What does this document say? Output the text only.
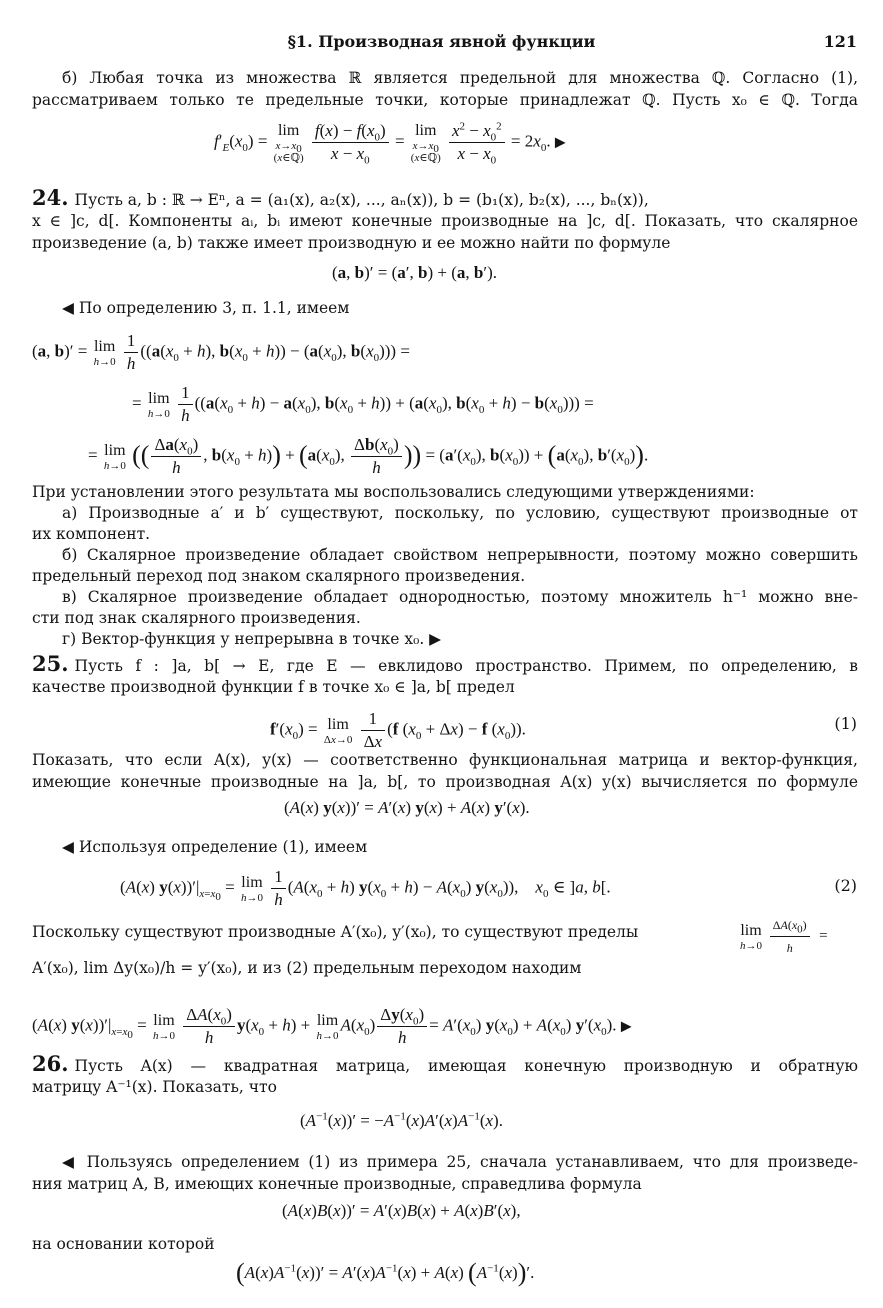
§1. Производная явной функции	121
б) Любая точка из множества ℝ является предельной для множества ℚ. Согласно (1),
рассматриваем только те предельные точки, которые принадлежат ℚ. Пусть x₀ ∈ ℚ. Тогда
$f'_E(x_0)$ =
lim
$x\to x_0$
(x∈ℚ)
$\frac{f(x) - f(x_0)}{x - x_0}$ =
lim
$x\to x_0$
(x∈ℚ)
$\frac{x^2 - x_0^2}{x - x_0} = 2x_0$. ▶
24. Пусть a, b : ℝ → Eⁿ, a = (a₁(x), a₂(x), ..., aₙ(x)), b = (b₁(x), b₂(x), ..., bₙ(x)),
x ∈ ]c, d[. Компоненты aᵢ, bᵢ имеют конечные производные на ]c, d[. Показать, что скалярное
произведение (a, b) также имеет производную и ее можно найти по формуле
(a, b)′ = (a′, b) + (a, b′).
◀ По определению 3, п. 1.1, имеем
(a, b)′ = lim
h→0
$\frac{1}{h} ((a(x_0 + h)$, $b(x_0 + h)) - (a(x_0)$, $b(x_0)$)) =
= lim
h→0
$\frac{1}{h} ((a(x_0 + h) - a(x_0)$, $b(x_0 + h)) + (a(x_0)$, $b(x_0 + h) - b(x_0)$)) =
= lim
h→0 (( $\frac{\Delta a(x_0)}{h}$ , $b(x_0 + h)) + (a(x_0)$, $\frac{\Delta b(x_0)}{h}$ )) = ($a'(x_0)$, $b(x_0)) + (a(x_0)$, $b'(x_0)$).
При установлении этого результата мы воспользовались следующими утверждениями:
а) Производные a′ и b′ существуют, поскольку, по условию, существуют производные от
их компонент.
б) Скалярное произведение обладает свойством непрерывности, поэтому можно совершить
предельный переход под знаком скалярного произведения.
в) Скалярное произведение обладает однородностью, поэтому множитель h⁻¹ можно вне-
сти под знак скалярного произведения.
г) Вектор-функция y непрерывна в точке x₀. ▶
25. Пусть f : ]a, b[ → E, где E — евклидово пространство. Примем, по определению, в
качестве производной функции f в точке x₀ ∈ ]a, b[ предел
$f'(x_0) = \lim$
Δx→0
$\frac{1}{\Delta x} (f$ $(x_0 + \Delta x) - f$ $(x_0)$).	(1)
Показать, что если A(x), y(x) — соответственно функциональная матрица и вектор-функция,
имеющие конечные производные на ]a, b[, то производная A(x) y(x) вычисляется по формуле
(A(x) y(x))′ = A′(x) y(x) + A(x) y′(x).
◀ Используя определение (1), имеем
(A(x) $y(x))'|_{x=x_0} = \lim$
h→0
$\frac{1}{h} (A(x_0 + h) y(x_0 + h) - A(x_0)$ $y(x_0)$),    $x_0$ ∈ ]a, b[.	(2)
Поскольку существуют производные A′(x₀), y′(x₀), то существуют пределы	lim
h→0
$\frac{\Delta A(x_0)}{h}$ =
A′(x₀), lim Δy(x₀)/h = y′(x₀), и из (2) предельным переходом находим
(A(x) $y(x))'|_{x=x_0} = \lim$
h→0
$\frac{\Delta A(x_0)}{h} y(x_0 + h) + \lim$
h→0
$A(x_0) \frac{\Delta y(x_0)}{h} = A'(x_0) y(x_0) + A(x_0)$ $y'(x_0)$. ▶
26. Пусть A(x) — квадратная матрица, имеющая конечную производную и обратную
матрицу A⁻¹(x). Показать, что
$(A^{-1}(x))' = -A^{-1}(x)A'(x)A^{-1}(x)$.
◀ Пользуясь определением (1) из примера 25, сначала устанавливаем, что для произведе-
ния матриц A, B, имеющих конечные производные, справедлива формула
(A(x)B(x))′ = A′(x)B(x) + A(x)B′(x),
на основании которой
$(A(x)A^{-1}(x))' = A'(x)A^{-1}(x) + A(x)$ $(A^{-1}(x))'$.
